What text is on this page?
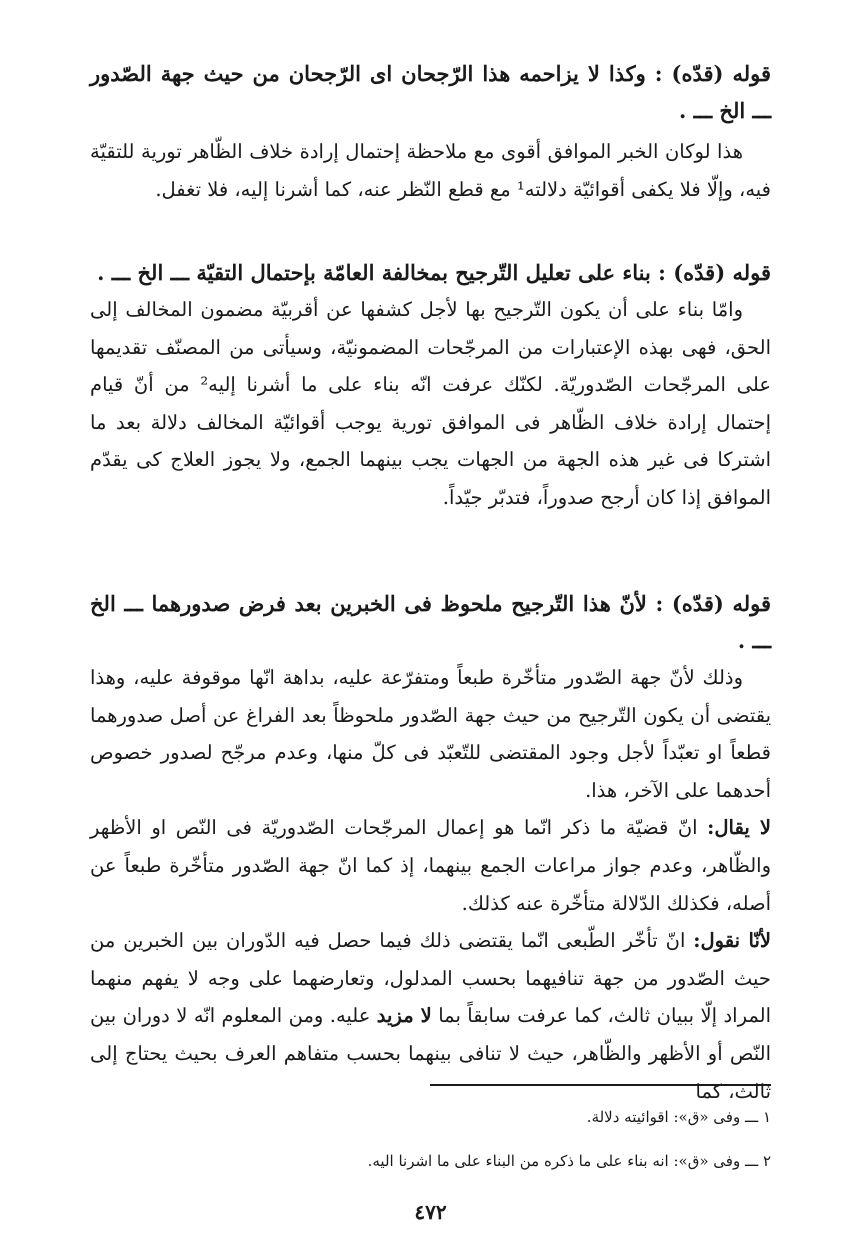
قوله (قدّه) : وكذا لا يزاحمه هذا الرّجحان اى الرّجحان من حيث جهة الصّدور ـــ الخ ـــ .
هذا لوكان الخبر الموافق أقوى مع ملاحظة إحتمال إرادة خلاف الظّاهر تورية للتقيّة فيه، وإلّا فلا يكفى أقوائيّة دلالته¹ مع قطع النّظر عنه، كما أشرنا إليه، فلا تغفل.
قوله (قدّه) : بناء على تعليل التّرجيح بمخالفة العامّة بإحتمال التقيّة ـــ الخ ـــ .
وامّا بناء على أن يكون التّرجيح بها لأجل كشفها عن أقربيّة مضمون المخالف إلى الحق، فهى بهذه الإعتبارات من المرجّحات المضمونيّة، وسيأتى من المصنّف تقديمها على المرجّحات الصّدوريّة. لكنّك عرفت انّه بناء على ما أشرنا إليه² من أنّ قيام إحتمال إرادة خلاف الظّاهر فى الموافق تورية يوجب أقوائيّة المخالف دلالة بعد ما اشتركا فى غير هذه الجهة من الجهات يجب بينهما الجمع، ولا يجوز العلاج كى يقدّم الموافق إذا كان أرجح صدوراً، فتدبّر جيّداً.
قوله (قدّه) : لأنّ هذا التّرجيح ملحوظ فى الخبرين بعد فرض صدورهما ـــ الخ ـــ .
وذلك لأنّ جهة الصّدور متأخّرة طبعاً ومتفرّعة عليه، بداهة انّها موقوفة عليه، وهذا يقتضى أن يكون التّرجيح من حيث جهة الصّدور ملحوظاً بعد الفراغ عن أصل صدورهما قطعاً او تعبّداً لأجل وجود المقتضى للتّعبّد فى كلّ منها، وعدم مرجّح لصدور خصوص أحدهما على الآخر، هذا.
لا يقال: انّ قضيّة ما ذكر انّما هو إعمال المرجّحات الصّدوريّة فى النّص او الأظهر والظّاهر، وعدم جواز مراعات الجمع بينهما، إذ كما انّ جهة الصّدور متأخّرة طبعاً عن أصله، فكذلك الدّلالة متأخّرة عنه كذلك.
لأنّا نقول: انّ تأخّر الطّبعى انّما يقتضى ذلك فيما حصل فيه الدّوران بين الخبرين من حيث الصّدور من جهة تنافيهما بحسب المدلول، وتعارضهما على وجه لا يفهم منهما المراد إلّا ببيان ثالث، كما عرفت سابقاً بما لا مزيد عليه. ومن المعلوم انّه لا دوران بين النّص أو الأظهر والظّاهر، حيث لا تنافى بينهما بحسب متفاهم العرف بحيث يحتاج إلى ثالث، كما
١ ـــ وفى «ق»: اقوائيته دلالة.
٢ ـــ وفى «ق»: انه بناء على ما ذكره من البناء على ما اشرنا اليه.
٤٧٢
